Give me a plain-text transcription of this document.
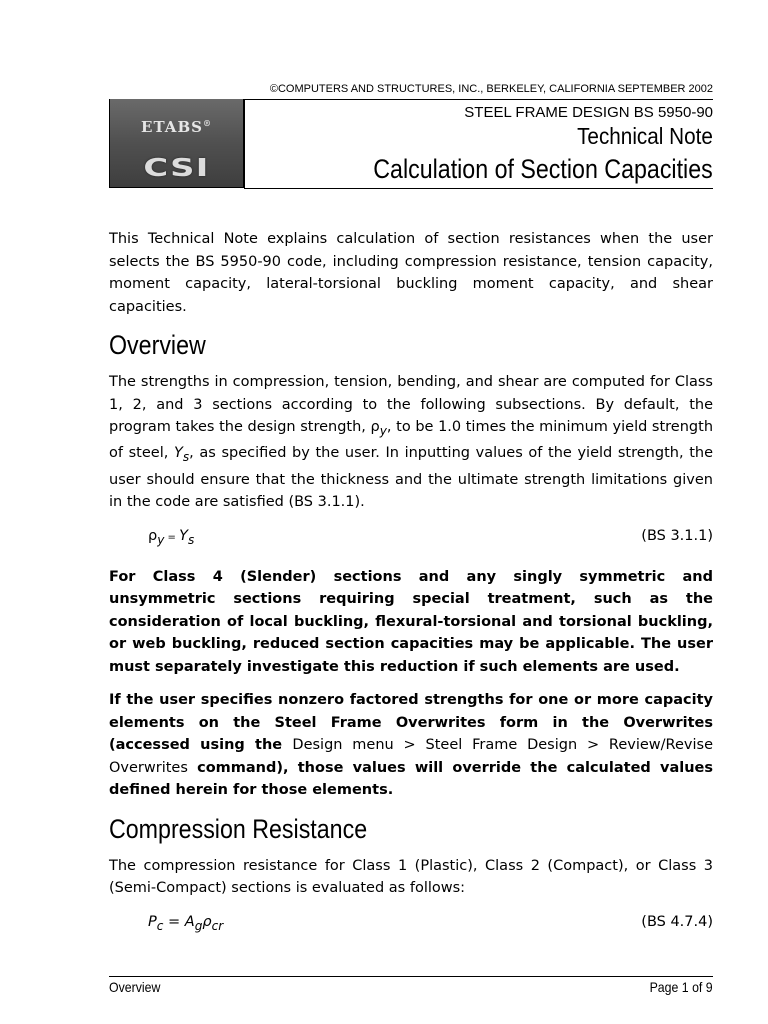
©COMPUTERS AND STRUCTURES, INC., BERKELEY, CALIFORNIA SEPTEMBER 2002
ETABS®
CSI
STEEL FRAME DESIGN BS 5950-90
Technical Note
Calculation of Section Capacities

This Technical Note explains calculation of section resistances when the user selects the BS 5950-90 code, including compression resistance, tension capacity, moment capacity, lateral-torsional buckling moment capacity, and shear capacities.

Overview

The strengths in compression, tension, bending, and shear are computed for Class 1, 2, and 3 sections according to the following subsections. By default, the program takes the design strength, $\rho_y$, to be 1.0 times the minimum yield strength of steel, $Y_s$, as specified by the user. In inputting values of the yield strength, the user should ensure that the thickness and the ultimate strength limitations given in the code are satisfied (BS 3.1.1).

$\rho_y = Y_s$	(BS 3.1.1)

For Class 4 (Slender) sections and any singly symmetric and unsymmetric sections requiring special treatment, such as the consideration of local buckling, flexural-torsional and torsional buckling, or web buckling, reduced section capacities may be applicable. The user must separately investigate this reduction if such elements are used.

If the user specifies nonzero factored strengths for one or more capacity elements on the Steel Frame Overwrites form in the Overwrites (accessed using the Design menu > Steel Frame Design > Review/Revise Overwrites command), those values will override the calculated values defined herein for those elements.

Compression Resistance

The compression resistance for Class 1 (Plastic), Class 2 (Compact), or Class 3 (Semi-Compact) sections is evaluated as follows:

$P_c = A_g\rho_{cr}$	(BS 4.7.4)
Overview	Page 1 of 9
